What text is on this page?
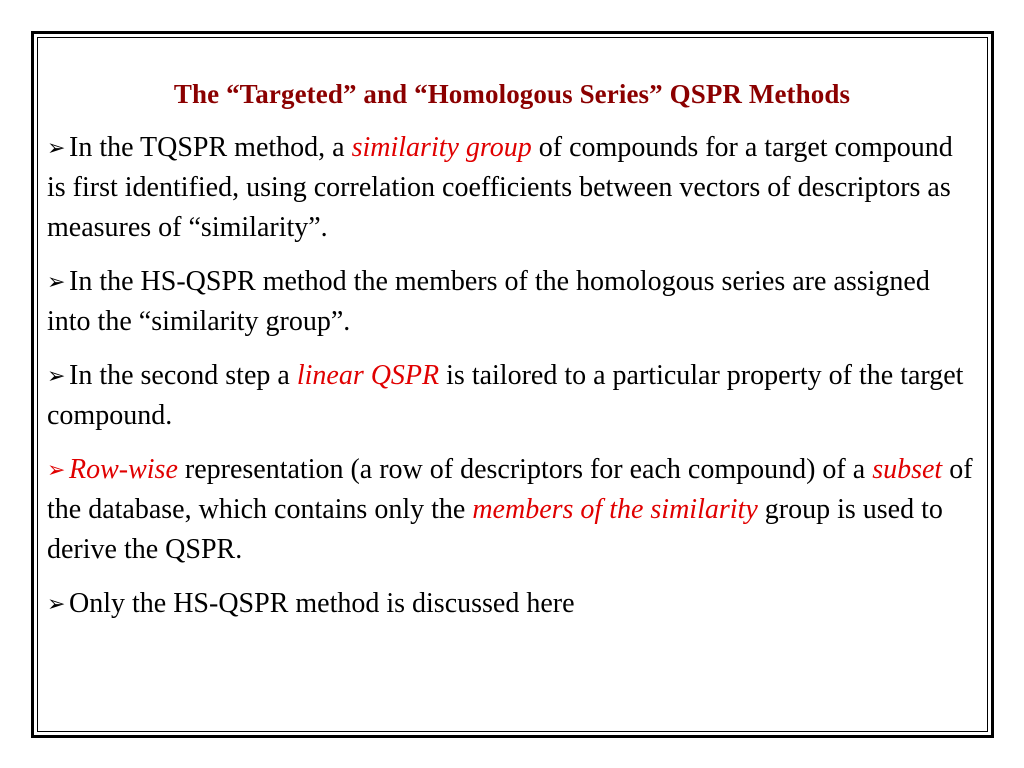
The “Targeted” and “Homologous Series” QSPR Methods
➢ In the TQSPR method, a similarity group of compounds for a target compound is first identified, using correlation coefficients between vectors of descriptors as measures of “similarity”.
➢ In the HS-QSPR method the members of the homologous series are assigned into the “similarity group”.
➢ In the second step a linear QSPR is tailored to a particular property of the target compound.
➢ Row-wise representation (a row of descriptors for each compound) of a subset of the database, which contains only the members of the similarity group is used to derive the QSPR.
➢ Only the HS-QSPR method is discussed here
